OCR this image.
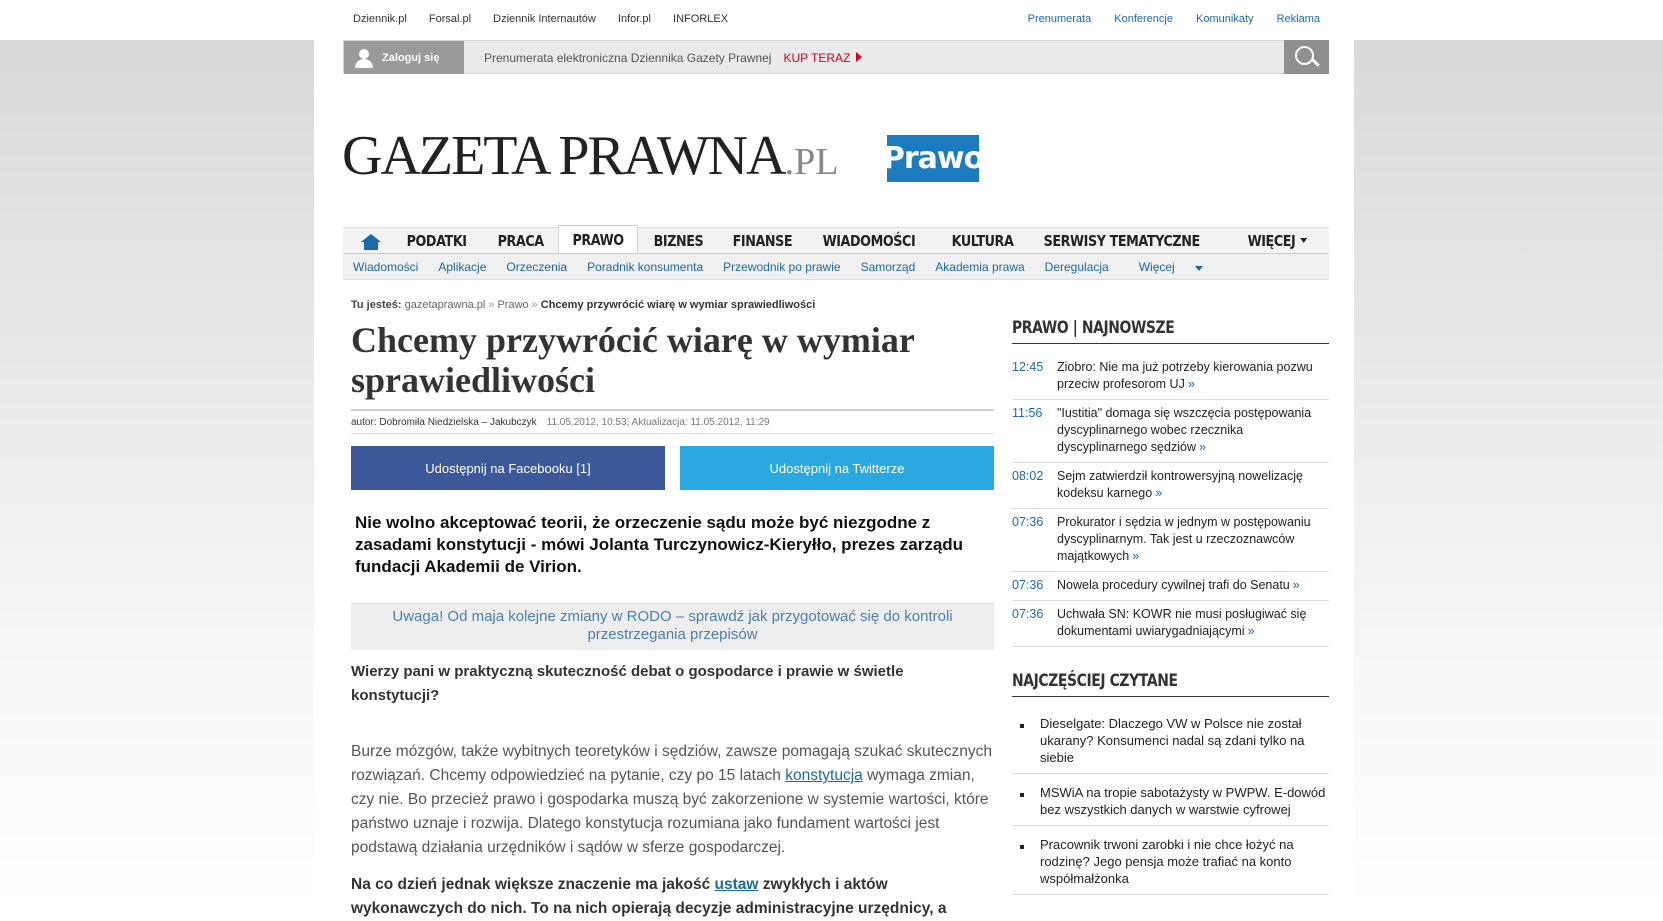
Dziennik.pl Forsal.pl Dziennik Internautów Infor.pl INFORLEX	Prenumerata Konferencje Komunikaty Reklama
Zaloguj się	Prenumerata elektroniczna Dziennika Gazety Prawnej KUP TERAZ
GAZETA PRAWNA.PL Prawo
PODATKI	PRACA	PRAWO	BIZNES	FINANSE	WIADOMOŚCI	KULTURA	SERWISY TEMATYCZNE	WIĘCEJ
Wiadomości Aplikacje Orzeczenia Poradnik konsumenta Przewodnik po prawie Samorząd Akademia prawa Deregulacja	Więcej
Tu jesteś: gazetaprawna.pl » Prawo » Chcemy przywrócić wiarę w wymiar sprawiedliwości
Chcemy przywrócić wiarę w wymiar sprawiedliwości
autor: Dobromiła Niedzielska – Jakubczyk 11.05.2012, 10:53; Aktualizacja: 11.05.2012, 11:29
Udostępnij na Facebooku [1]	Udostępnij na Twitterze
Nie wolno akceptować teorii, że orzeczenie sądu może być niezgodne z zasadami konstytucji - mówi Jolanta Turczynowicz-Kieryłło, prezes zarządu fundacji Akademii de Virion.
Uwaga! Od maja kolejne zmiany w RODO – sprawdź jak przygotować się do kontroli przestrzegania przepisów
Wierzy pani w praktyczną skuteczność debat o gospodarce i prawie w świetle konstytucji?
Burze mózgów, także wybitnych teoretyków i sędziów, zawsze pomagają szukać skutecznych rozwiązań. Chcemy odpowiedzieć na pytanie, czy po 15 latach konstytucja wymaga zmian, czy nie. Bo przecież prawo i gospodarka muszą być zakorzenione w systemie wartości, które państwo uznaje i rozwija. Dlatego konstytucja rozumiana jako fundament wartości jest podstawą działania urzędników i sądów w sferze gospodarczej.
Na co dzień jednak większe znaczenie ma jakość ustaw zwykłych i aktów wykonawczych do nich. To na nich opierają decyzje administracyjne urzędnicy, a
PRAWO | NAJNOWSZE
12:45	Ziobro: Nie ma już potrzeby kierowania pozwu przeciw profesorom UJ »
11:56	"Iustitia" domaga się wszczęcia postępowania dyscyplinarnego wobec rzecznika dyscyplinarnego sędziów »
08:02	Sejm zatwierdził kontrowersyjną nowelizację kodeksu karnego »
07:36	Prokurator i sędzia w jednym w postępowaniu dyscyplinarnym. Tak jest u rzeczoznawców majątkowych »
07:36	Nowela procedury cywilnej trafi do Senatu »
07:36	Uchwała SN: KOWR nie musi posługiwać się dokumentami uwiarygadniającymi »
NAJCZĘŚCIEJ CZYTANE
Dieselgate: Dlaczego VW w Polsce nie został ukarany? Konsumenci nadal są zdani tylko na siebie
MSWiA na tropie sabotażysty w PWPW. E-dowód bez wszystkich danych w warstwie cyfrowej
Pracownik trwoni zarobki i nie chce łożyć na rodzinę? Jego pensja może trafiać na konto współmałżonka
